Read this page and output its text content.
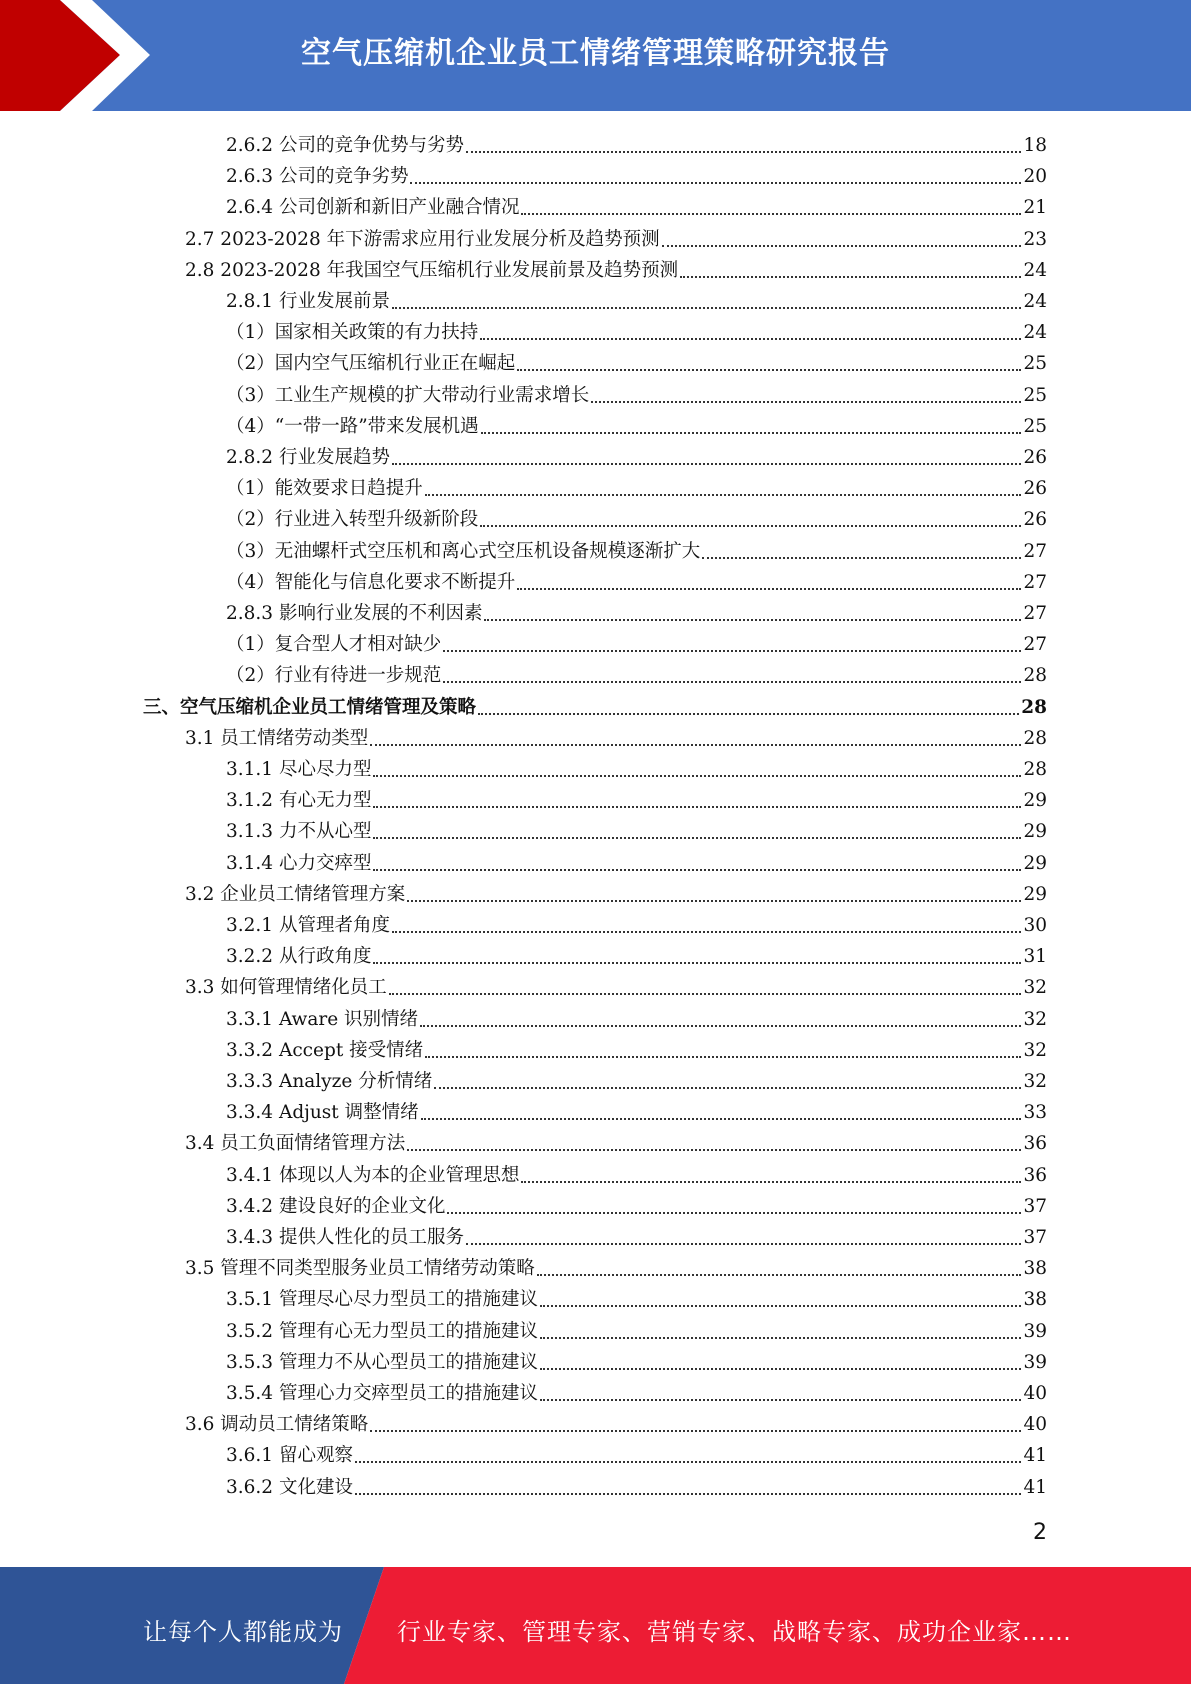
空气压缩机企业员工情绪管理策略研究报告
2.6.2 公司的竞争优势与劣势	18
2.6.3 公司的竞争劣势	20
2.6.4 公司创新和新旧产业融合情况	21
2.7 2023-2028 年下游需求应用行业发展分析及趋势预测	23
2.8 2023-2028 年我国空气压缩机行业发展前景及趋势预测	24
2.8.1 行业发展前景	24
（1）国家相关政策的有力扶持	24
（2）国内空气压缩机行业正在崛起	25
（3）工业生产规模的扩大带动行业需求增长	25
（4）“一带一路”带来发展机遇	25
2.8.2 行业发展趋势	26
（1）能效要求日趋提升	26
（2）行业进入转型升级新阶段	26
（3）无油螺杆式空压机和离心式空压机设备规模逐渐扩大	27
（4）智能化与信息化要求不断提升	27
2.8.3 影响行业发展的不利因素	27
（1）复合型人才相对缺少	27
（2）行业有待进一步规范	28
三、空气压缩机企业员工情绪管理及策略	28
3.1 员工情绪劳动类型	28
3.1.1 尽心尽力型	28
3.1.2 有心无力型	29
3.1.3 力不从心型	29
3.1.4 心力交瘁型	29
3.2 企业员工情绪管理方案	29
3.2.1 从管理者角度	30
3.2.2 从行政角度	31
3.3 如何管理情绪化员工	32
3.3.1 Aware 识别情绪	32
3.3.2 Accept 接受情绪	32
3.3.3 Analyze 分析情绪	32
3.3.4 Adjust 调整情绪	33
3.4 员工负面情绪管理方法	36
3.4.1 体现以人为本的企业管理思想	36
3.4.2 建设良好的企业文化	37
3.4.3 提供人性化的员工服务	37
3.5 管理不同类型服务业员工情绪劳动策略	38
3.5.1 管理尽心尽力型员工的措施建议	38
3.5.2 管理有心无力型员工的措施建议	39
3.5.3 管理力不从心型员工的措施建议	39
3.5.4 管理心力交瘁型员工的措施建议	40
3.6 调动员工情绪策略	40
3.6.1 留心观察	41
3.6.2 文化建设	41
2
让每个人都能成为 行业专家、管理专家、营销专家、战略专家、成功企业家……
